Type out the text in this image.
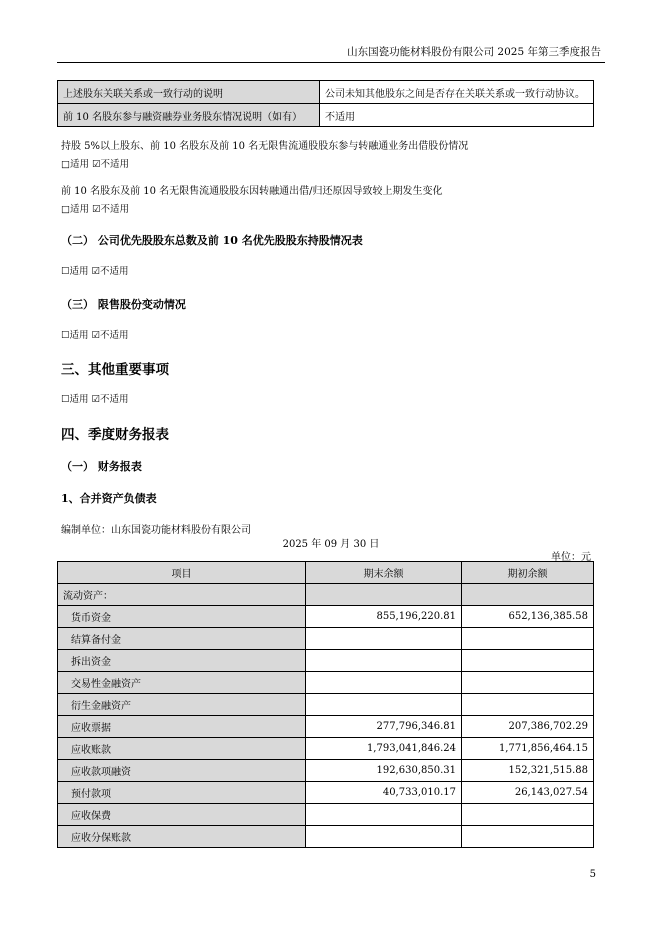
山东国瓷功能材料股份有限公司 2025 年第三季度报告
上述股东关联关系或一致行动的说明	公司未知其他股东之间是否存在关联关系或一致行动协议。
前 10 名股东参与融资融券业务股东情况说明（如有）	不适用
持股 5%以上股东、前 10 名股东及前 10 名无限售流通股股东参与转融通业务出借股份情况
□适用 ☑不适用
前 10 名股东及前 10 名无限售流通股股东因转融通出借/归还原因导致较上期发生变化
□适用 ☑不适用
（二） 公司优先股股东总数及前 10 名优先股股东持股情况表
☐适用 ☑不适用
（三） 限售股份变动情况
☐适用 ☑不适用
三、其他重要事项
☐适用 ☑不适用
四、季度财务报表
（一） 财务报表
1、合并资产负债表
编制单位：山东国瓷功能材料股份有限公司
2025 年 09 月 30 日
单位：元
项目	期末余额	期初余额
流动资产：		
货币资金	855,196,220.81	652,136,385.58
结算备付金		
拆出资金		
交易性金融资产		
衍生金融资产		
应收票据	277,796,346.81	207,386,702.29
应收账款	1,793,041,846.24	1,771,856,464.15
应收款项融资	192,630,850.31	152,321,515.88
预付款项	40,733,010.17	26,143,027.54
应收保费		
应收分保账款		
5
